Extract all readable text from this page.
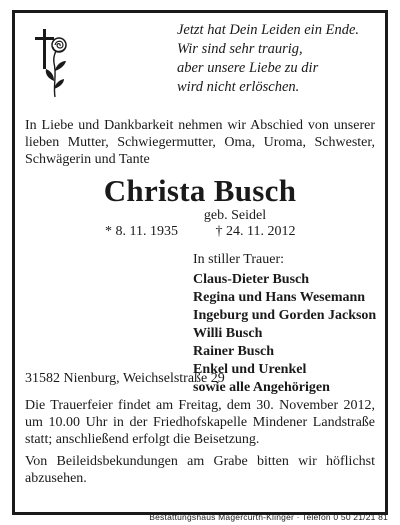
Jetzt hat Dein Leiden ein Ende.
Wir sind sehr traurig,
aber unsere Liebe zu dir
wird nicht erlöschen.
In Liebe und Dankbarkeit nehmen wir Abschied von unserer lieben Mutter, Schwiegermutter, Oma, Uroma, Schwester, Schwägerin und Tante
Christa Busch
geb. Seidel
* 8. 11. 1935	† 24. 11. 2012
In stiller Trauer:
Claus-Dieter Busch
Regina und Hans Wesemann
Ingeburg und Gorden Jackson
Willi Busch
Rainer Busch
Enkel und Urenkel
sowie alle Angehörigen
31582 Nienburg, Weichselstraße 29
Die Trauerfeier findet am Freitag, dem 30. November 2012, um 10.00 Uhr in der Friedhofskapelle Mindener Landstraße statt; anschließend erfolgt die Beisetzung.
Von Beileidsbekundungen am Grabe bitten wir höflichst abzusehen.
Bestattungshaus Magercurth-Klinger · Telefon 0 50 21/21 81
